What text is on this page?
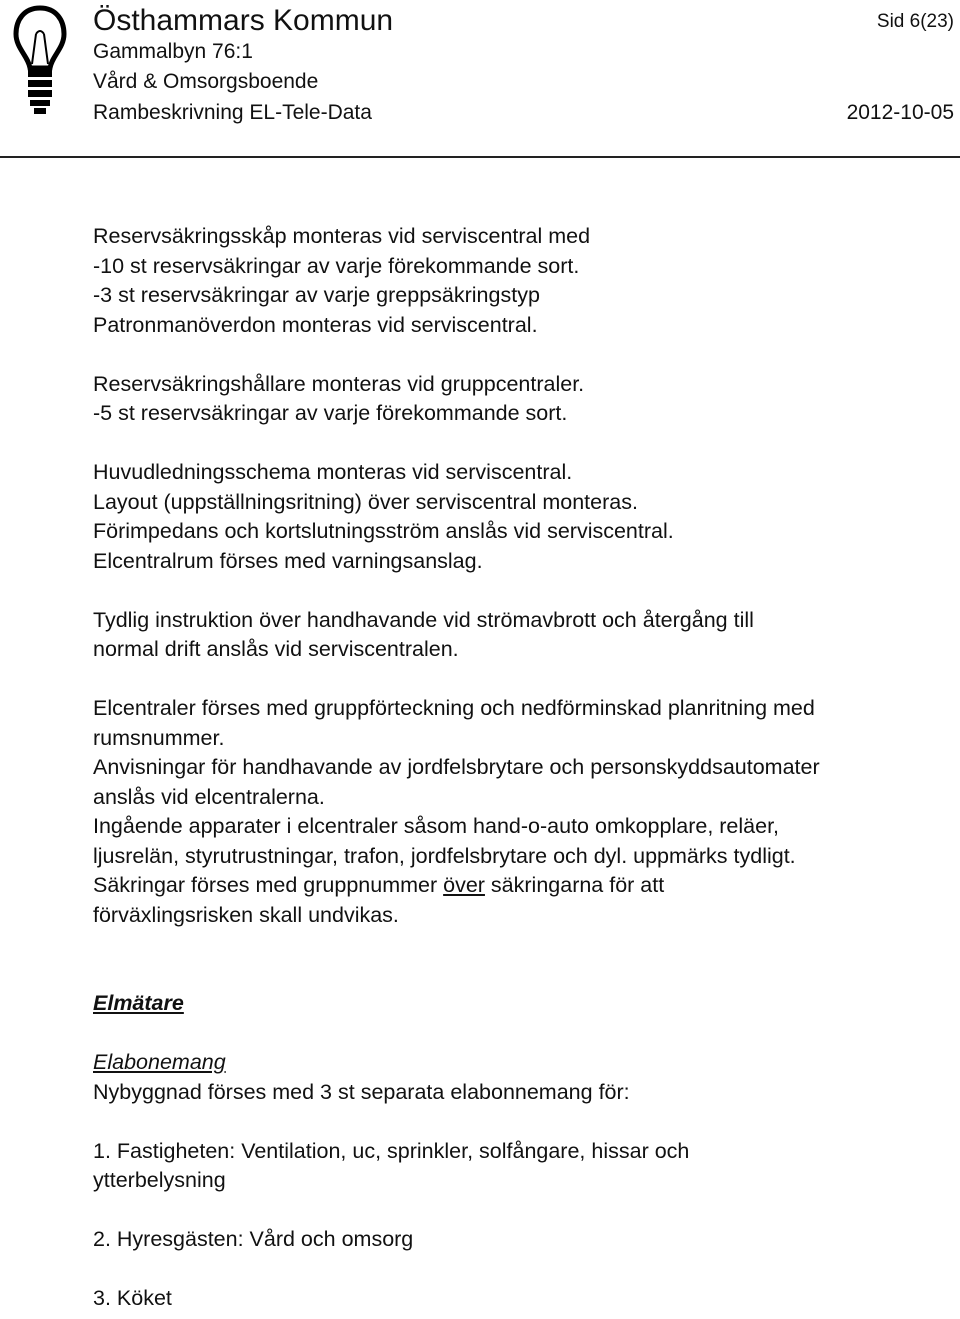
Östhammars Kommun
Gammalbyn 76:1
Vård & Omsorgsboende
Rambeskrivning EL-Tele-Data
Sid 6(23)
2012-10-05

Reservsäkringsskåp monteras vid serviscentral med

-10 st reservsäkringar av varje förekommande sort.

-3 st reservsäkringar av varje greppsäkringstyp

Patronmanöverdon monteras vid serviscentral.

Reservsäkringshållare monteras vid gruppcentraler.

-5 st reservsäkringar av varje förekommande sort.

Huvudledningsschema monteras vid serviscentral.

Layout (uppställningsritning) över serviscentral monteras.

Förimpedans och kortslutningsström anslås vid serviscentral.

Elcentralrum förses med varningsanslag.

Tydlig instruktion över handhavande vid strömavbrott och återgång till

normal drift anslås vid serviscentralen.

Elcentraler förses med gruppförteckning och nedförminskad planritning med

rumsnummer.

Anvisningar för handhavande av jordfelsbrytare och personskyddsautomater

anslås vid elcentralerna.

Ingående apparater i elcentraler såsom hand-o-auto omkopplare, reläer,

ljusrelän, styrutrustningar, trafon, jordfelsbrytare och dyl. uppmärks tydligt.

Säkringar förses med gruppnummer över säkringarna för att

förväxlingsrisken skall undvikas.

Elmätare

Elabonemang

Nybyggnad förses med 3 st separata elabonnemang för:

1. Fastigheten: Ventilation, uc, sprinkler, solfångare, hissar och

ytterbelysning

2. Hyresgästen: Vård och omsorg

3. Köket
